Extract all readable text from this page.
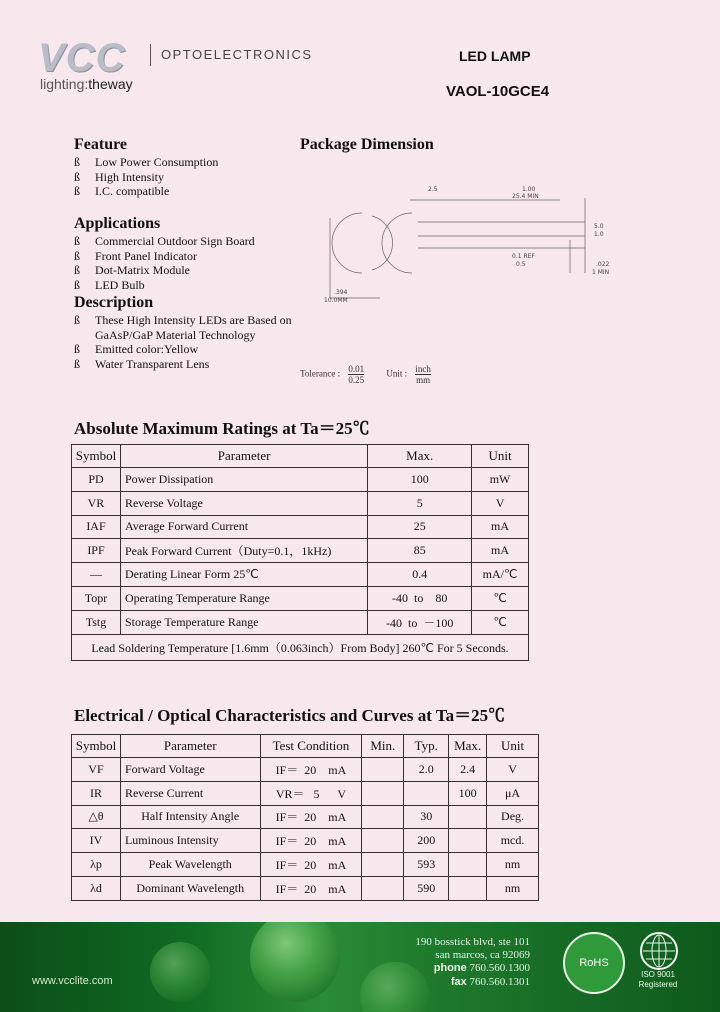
VCC
lighting:theway
OPTOELECTRONICS	LED LAMP
VAOL-10GCE4
Feature
ß Low Power Consumption
ß High Intensity
ß I.C. compatible
Applications
ß Commercial Outdoor Sign Board
ß Front Panel Indicator
ß Dot-Matrix Module
ß LED Bulb
Description
ß These High Intensity LEDs are Based on GaAsP/GaP Material Technology
ß Emitted color:Yellow
ß Water Transparent Lens
Package Dimension
2.5	1.00
25.4 MIN
5.0
1.0
0.5	.022
1 MIN
.394
10.0MM
0.1 REF
Tolerance : $\frac{0.01}{0.25}$ Unit : inch
mm
Absolute Maximum Ratings at Ta＝25℃
Symbol	Parameter	Max.	Unit
PD	Power Dissipation	100	mW
VR	Reverse Voltage	5	V
IAF	Average Forward Current	25	mA
IPF	Peak Forward Current（Duty=0.1，1kHz)	85	mA
—	Derating Linear Form 25℃	0.4	mA/℃
Topr	Operating Temperature Range	-40  to    80	℃
Tstg	Storage Temperature Range	-40  to  －100	℃
Lead Soldering Temperature [1.6mm（0.063inch）From Body] 260℃ For 5 Seconds.			
Electrical / Optical Characteristics and Curves at Ta＝25℃
Symbol	Parameter	Test Condition	Min.	Typ.	Max.	Unit
VF	Forward Voltage	IF＝  20    mA		2.0	2.4	V
IR	Reverse Current	VR＝   5      V			100	μA
△θ	Half Intensity Angle	IF＝  20    mA		30		Deg.
IV	Luminous Intensity	IF＝  20    mA		200		mcd.
λp	Peak Wavelength	IF＝  20    mA		593		nm
λd	Dominant Wavelength	IF＝  20    mA		590		nm
www.vcclite.com
190 bosstick blvd, ste 101
san marcos, ca 92069
phone 760.560.1300
fax 760.560.1301
RoHS
ISO 9001 Registered
